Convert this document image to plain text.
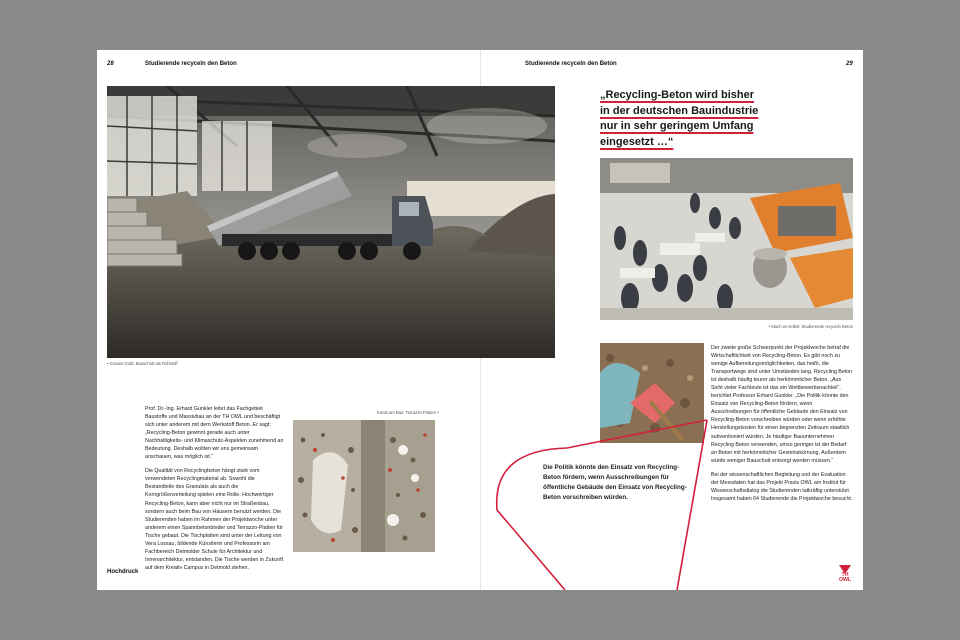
28	Studierende recyceln den Beton	Studierende recyceln den Beton	29
• Graues Gold: Bauschutt als Rohstoff

Prof. Dr.-Ing. Erhard Gunkler leitet das Fachgebiet Baustoffe und Massivbau an der TH OWL und beschäftigt sich unter anderem mit dem Werkstoff Beton. Er sagt: „Recycling-Beton gewinnt gerade auch unter Nachhaltigkeits- und Klimaschutz-Aspekten zunehmend an Bedeutung. Deshalb wollten wir uns gemeinsam anschauen, was möglich ist.“

Die Qualität von Recyclingbeton hängt stark vom verwendeten Recyclingmaterial ab. Sowohl die Bestandteile des Granulats als auch die Korngrößenverteilung spielen eine Rolle. Hochwertiger Recycling-Beton, kann aber nicht nur im Straßenbau, sondern auch beim Bau von Häusern benutzt werden. Die Studierenden haben im Rahmen der Projektwoche unter anderem einen Spannbetonbinder und Terrazzo-Platten für Tische gebaut. Die Tischplatten sind unter der Leitung von Vera Lossau, bildende Künstlerin und Professorin am Fachbereich Detmolder Schule für Architektur und Innenarchitektur, entstanden. Die Tische werden in Zukunft auf dem Kreativ Campus in Detmold stehen.

Kunst am Bau: Terrazzo-Platten •
„Recycling-Beton wird bisher
in der deutschen Bauindustrie
nur in sehr geringem Umfang
eingesetzt …“
• Mach es selbst: Studierende recyceln Beton

Der zweite große Schwerpunkt der Projektwoche betraf die Wirtschaftlichkeit von Recycling-Beton. Es gibt noch zu wenige Aufbereitungsmöglichkeiten, das heißt, die Transportwege sind unter Umständen lang. Recycling Beton ist deshalb häufig teurer als herkömmlicher Beton. „Aus Sicht vieler Fachleute ist das ein Wettbewerbsnachteil“, berichtet Professor Erhard Gunkler. „Die Politik könnte den Einsatz von Recycling-Beton fördern, wenn Ausschreibungen für öffentliche Gebäude den Einsatz von Recycling-Beton vorschreiben würden oder wenn erhöhte Herstellungskosten für einen begrenzten Zeitraum staatlich subventioniert würden. Je häufiger Bauunternehmen Recycling Beton verwenden, umso geringer ist der Bedarf an Beton mit herkömmlicher Gesteinskörnung. Außerdem würde weniger Bauschutt entsorgt werden müssen.“

Bei der wissenschaftlichen Begleitung und der Evaluation der Messdaten hat das Projekt Praxis OWL am Institut für Wissenschaftsdialog die Studierenden tatkräftig unterstützt. Insgesamt haben 64 Studierende die Projektwoche besucht.

Die Politik könnte den Einsatz von Recycling-Beton fördern, wenn Ausschreibungen für öffentliche Gebäude den Einsatz von Recycling-Beton vorschreiben würden.
Hochdruck	TH
OWL
